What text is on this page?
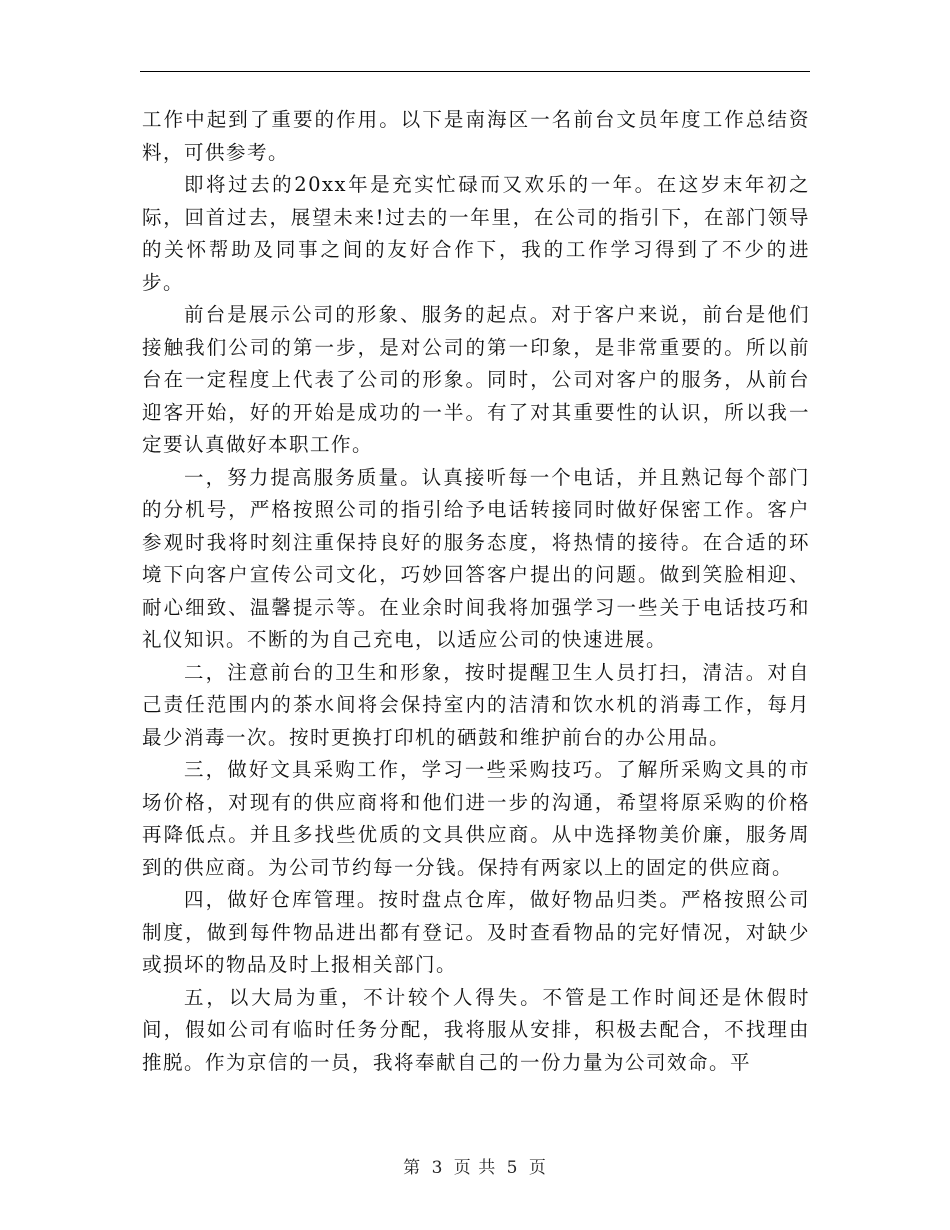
工作中起到了重要的作用。以下是南海区一名前台文员年度工作总结资料，可供参考。

即将过去的20xx年是充实忙碌而又欢乐的一年。在这岁末年初之际，回首过去，展望未来!过去的一年里，在公司的指引下，在部门领导的关怀帮助及同事之间的友好合作下，我的工作学习得到了不少的进步。

前台是展示公司的形象、服务的起点。对于客户来说，前台是他们接触我们公司的第一步，是对公司的第一印象，是非常重要的。所以前台在一定程度上代表了公司的形象。同时，公司对客户的服务，从前台迎客开始，好的开始是成功的一半。有了对其重要性的认识，所以我一定要认真做好本职工作。

一，努力提高服务质量。认真接听每一个电话，并且熟记每个部门的分机号，严格按照公司的指引给予电话转接同时做好保密工作。客户参观时我将时刻注重保持良好的服务态度，将热情的接待。在合适的环境下向客户宣传公司文化，巧妙回答客户提出的问题。做到笑脸相迎、耐心细致、温馨提示等。在业余时间我将加强学习一些关于电话技巧和礼仪知识。不断的为自己充电，以适应公司的快速进展。

二，注意前台的卫生和形象，按时提醒卫生人员打扫，清洁。对自己责任范围内的茶水间将会保持室内的洁清和饮水机的消毒工作，每月最少消毒一次。按时更换打印机的硒鼓和维护前台的办公用品。

三，做好文具采购工作，学习一些采购技巧。了解所采购文具的市场价格，对现有的供应商将和他们进一步的沟通，希望将原采购的价格再降低点。并且多找些优质的文具供应商。从中选择物美价廉，服务周到的供应商。为公司节约每一分钱。保持有两家以上的固定的供应商。

四，做好仓库管理。按时盘点仓库，做好物品归类。严格按照公司制度，做到每件物品进出都有登记。及时查看物品的完好情况，对缺少或损坏的物品及时上报相关部门。

五，以大局为重，不计较个人得失。不管是工作时间还是休假时间，假如公司有临时任务分配，我将服从安排，积极去配合，不找理由推脱。作为京信的一员，我将奉献自己的一份力量为公司效命。平

第 3 页 共 5 页
